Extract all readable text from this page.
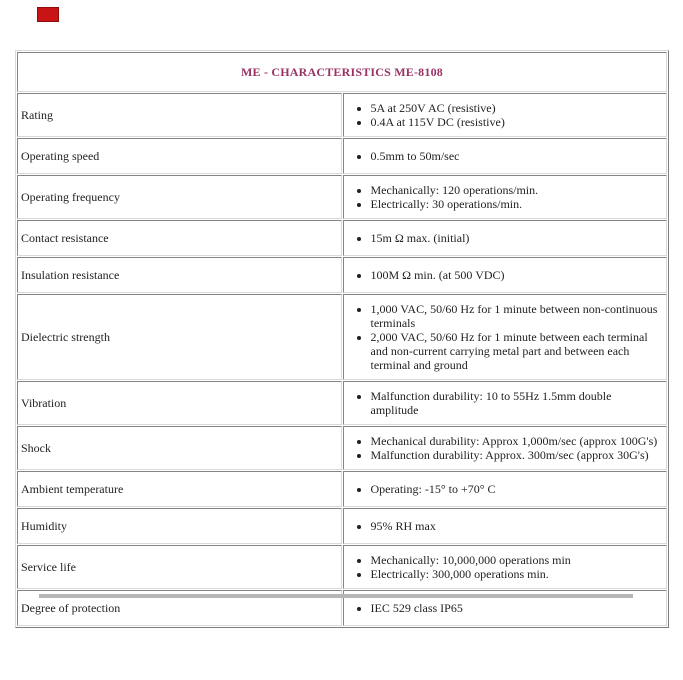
ME - CHARACTERISTICS ME-8108	
Rating	
•5A at 250V AC (resistive)
• 0.4A at 115V DC (resistive)

Operating speed	
•0.5mm to 50m/sec

Operating frequency	
•Mechanically: 120 operations/min.
• Electrically: 30 operations/min.

Contact resistance	
•15m Ω max. (initial)

Insulation resistance	
•100M Ω min. (at 500 VDC)

Dielectric strength	
• 1,000 VAC, 50/60 Hz for 1 minute between non-continuous terminals
• 2,000 VAC, 50/60 Hz for 1 minute between each terminal and non-current carrying metal part and between each terminal and ground

Vibration	
•Malfunction durability: 10 to 55Hz 1.5mm double amplitude

Shock	
•Mechanical durability: Approx 1,000m/sec (approx 100G's)
• Malfunction durability: Approx. 300m/sec (approx 30G's)

Ambient temperature	
•Operating: -15° to +70° C

Humidity	
•95% RH max

Service life	
•Mechanically: 10,000,000 operations min
• Electrically: 300,000 operations min.

Degree of protection	
•IEC 529 class IP65
